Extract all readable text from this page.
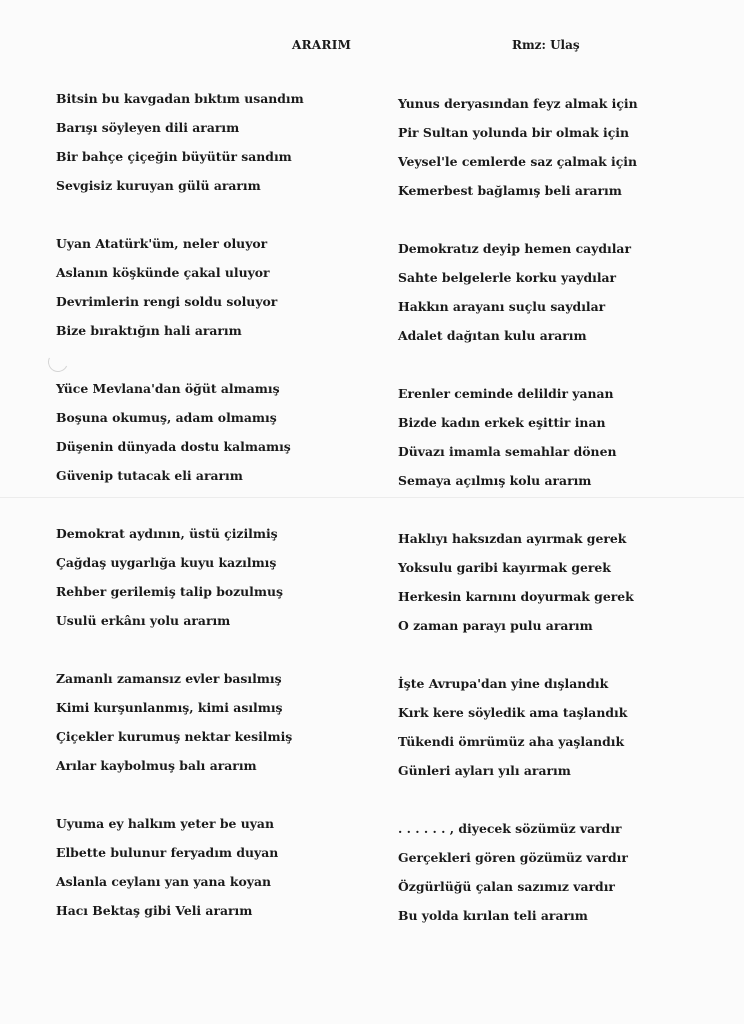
ARARIM	Rmz: Ulaş
Bitsin bu kavgadan bıktım usandım
Barışı söyleyen dili ararım
Bir bahçe çiçeğin büyütür sandım
Sevgisiz kuruyan gülü ararım
Uyan Atatürk'üm, neler oluyor
Aslanın köşkünde çakal uluyor
Devrimlerin rengi soldu soluyor
Bize bıraktığın hali ararım
Yüce Mevlana'dan öğüt almamış
Boşuna okumuş, adam olmamış
Düşenin dünyada dostu kalmamış
Güvenip tutacak eli ararım
Demokrat aydının, üstü çizilmiş
Çağdaş uygarlığa kuyu kazılmış
Rehber gerilemiş talip bozulmuş
Usulü erkânı yolu ararım
Zamanlı zamansız evler basılmış
Kimi kurşunlanmış, kimi asılmış
Çiçekler kurumuş nektar kesilmiş
Arılar kaybolmuş balı ararım
Uyuma ey halkım yeter be uyan
Elbette bulunur feryadım duyan
Aslanla ceylanı yan yana koyan
Hacı Bektaş gibi Veli ararım
Yunus deryasından feyz almak için
Pir Sultan yolunda bir olmak için
Veysel'le cemlerde saz çalmak için
Kemerbest bağlamış beli ararım
Demokratız deyip hemen caydılar
Sahte belgelerle korku yaydılar
Hakkın arayanı suçlu saydılar
Adalet dağıtan kulu ararım
Erenler ceminde delildir yanan
Bizde kadın erkek eşittir inan
Düvazı imamla semahlar dönen
Semaya açılmış kolu ararım
Haklıyı haksızdan ayırmak gerek
Yoksulu garibi kayırmak gerek
Herkesin karnını doyurmak gerek
O zaman parayı pulu ararım
İşte Avrupa'dan yine dışlandık
Kırk kere söyledik ama taşlandık
Tükendi ömrümüz aha yaşlandık
Günleri ayları yılı ararım
. . . . . . , diyecek sözümüz vardır
Gerçekleri gören gözümüz vardır
Özgürlüğü çalan sazımız vardır
Bu yolda kırılan teli ararım
